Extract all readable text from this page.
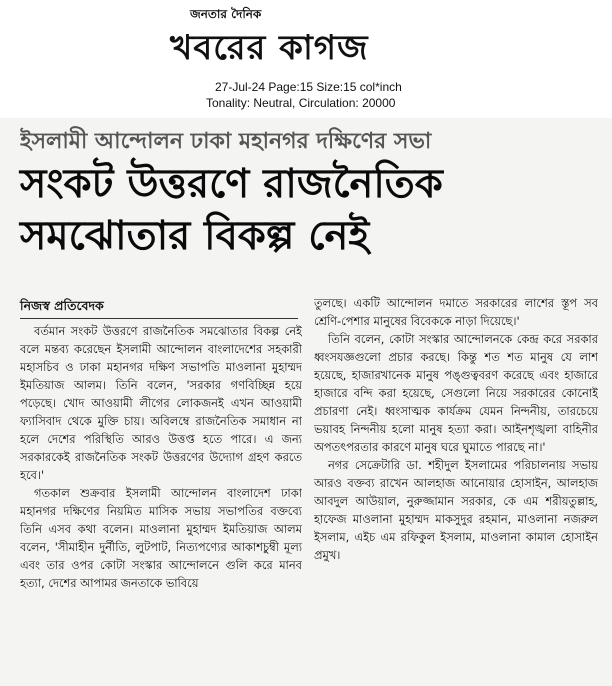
জনতার দৈনিক
খবরের কাগজ
27-Jul-24 Page:15 Size:15 col*inch
Tonality: Neutral, Circulation: 20000
ইসলামী আন্দোলন ঢাকা মহানগর দক্ষিণের সভা
সংকট উত্তরণে রাজনৈতিক
সমঝোতার বিকল্প নেই
নিজস্ব প্রতিবেদক

বর্তমান সংকট উত্তরণে রাজনৈতিক সমঝোতার বিকল্প নেই বলে মন্তব্য করেছেন ইসলামী আন্দোলন বাংলাদেশের সহকারী মহাসচিব ও ঢাকা মহানগর দক্ষিণ সভাপতি মাওলানা মুহাম্মদ ইমতিয়াজ আলম। তিনি বলেন, 'সরকার গণবিচ্ছিন্ন হয়ে পড়েছে। খোদ আওয়ামী লীগের লোকজনই এখন আওয়ামী ফ্যাসিবাদ থেকে মুক্তি চায়। অবিলম্বে রাজনৈতিক সমাধান না হলে দেশের পরিস্থিতি আরও উত্তপ্ত হতে পারে। এ জন্য সরকারকেই রাজনৈতিক সংকট উত্তরণের উদ্যোগ গ্রহণ করতে হবে।'

গতকাল শুক্রবার ইসলামী আন্দোলন বাংলাদেশ ঢাকা মহানগর দক্ষিণের নিয়মিত মাসিক সভায় সভাপতির বক্তব্যে তিনি এসব কথা বলেন। মাওলানা মুহাম্মদ ইমতিয়াজ আলম বলেন, 'সীমাহীন দুর্নীতি, লুটপাট, নিত্যপণ্যের আকাশচুম্বী মূল্য এবং তার ওপর কোটা সংস্কার আন্দোলনে গুলি করে মানব হত্যা, দেশের আপামর জনতাকে ভাবিয়ে

তুলছে। একটি আন্দোলন দমাতে সরকারের লাশের স্তূপ সব শ্রেণি-পেশার মানুষের বিবেককে নাড়া দিয়েছে।'

তিনি বলেন, কোটা সংস্কার আন্দোলনকে কেন্দ্র করে সরকার ধ্বংসযজ্ঞগুলো প্রচার করছে। কিন্তু শত শত মানুষ যে লাশ হয়েছে, হাজারখানেক মানুষ পঙ্গুত্ববরণ করেছে এবং হাজারে হাজারে বন্দি করা হয়েছে, সেগুলো নিয়ে সরকারের কোনোই প্রচারণা নেই। ধ্বংসাত্মক কার্যক্রম যেমন নিন্দনীয়, তারচেয়ে ভয়াবহ নিন্দনীয় হলো মানুষ হত্যা করা। আইনশৃঙ্খলা বাহিনীর অপতৎপরতার কারণে মানুষ ঘরে ঘুমাতে পারছে না।'

নগর সেক্রেটারি ডা. শহীদুল ইসলামের পরিচালনায় সভায় আরও বক্তব্য রাখেন আলহাজ আনোয়ার হোসাইন, আলহাজ আবদুল আউয়াল, নুরুজ্জামান সরকার, কে এম শরীয়তুল্লাহ, হাফেজ মাওলানা মুহাম্মদ মাকসুদুর রহমান, মাওলানা নজরুল ইসলাম, এইচ এম রফিকুল ইসলাম, মাওলানা কামাল হোসাইন প্রমুখ।
